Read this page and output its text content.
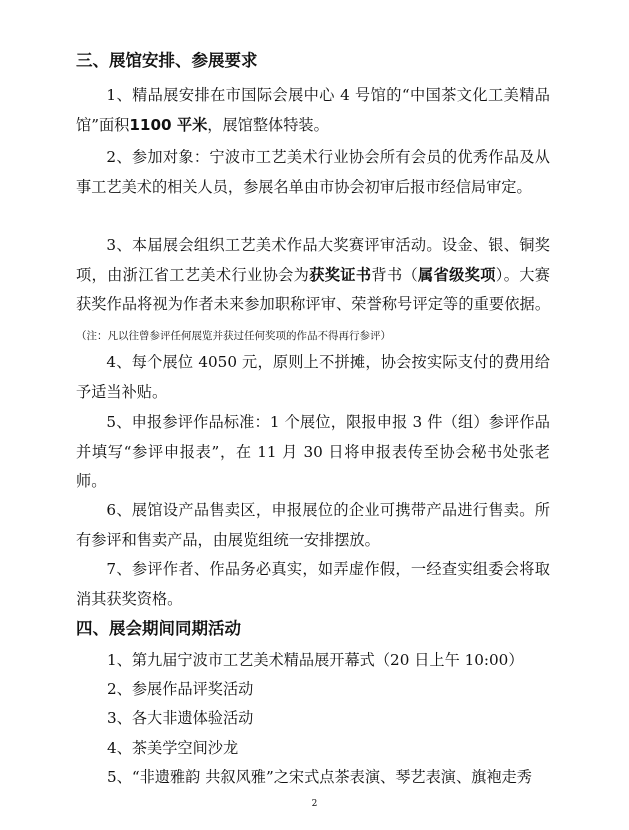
三、展馆安排、参展要求

1、精品展安排在市国际会展中心 4 号馆的“中国茶文化工美精品馆”面积1100 平米，展馆整体特装。

2、参加对象：宁波市工艺美术行业协会所有会员的优秀作品及从事工艺美术的相关人员，参展名单由市协会初审后报市经信局审定。

3、本届展会组织工艺美术作品大奖赛评审活动。设金、银、铜奖项，由浙江省工艺美术行业协会为获奖证书背书（属省级奖项）。大赛获奖作品将视为作者未来参加职称评审、荣誉称号评定等的重要依据。（注：凡以往曾参评任何展览并获过任何奖项的作品不得再行参评）

4、每个展位 4050 元，原则上不拼摊，协会按实际支付的费用给予适当补贴。

5、申报参评作品标准：1 个展位，限报申报 3 件（组）参评作品并填写“参评申报表”，在 11 月 30 日将申报表传至协会秘书处张老师。

6、展馆设产品售卖区，申报展位的企业可携带产品进行售卖。所有参评和售卖产品，由展览组统一安排摆放。

7、参评作者、作品务必真实，如弄虚作假，一经查实组委会将取消其获奖资格。

四、展会期间同期活动
1、第九届宁波市工艺美术精品展开幕式（20 日上午 10:00）
2、参展作品评奖活动
3、各大非遗体验活动
4、茶美学空间沙龙
5、“非遗雅韵 共叙风雅”之宋式点茶表演、琴艺表演、旗袍走秀
2
